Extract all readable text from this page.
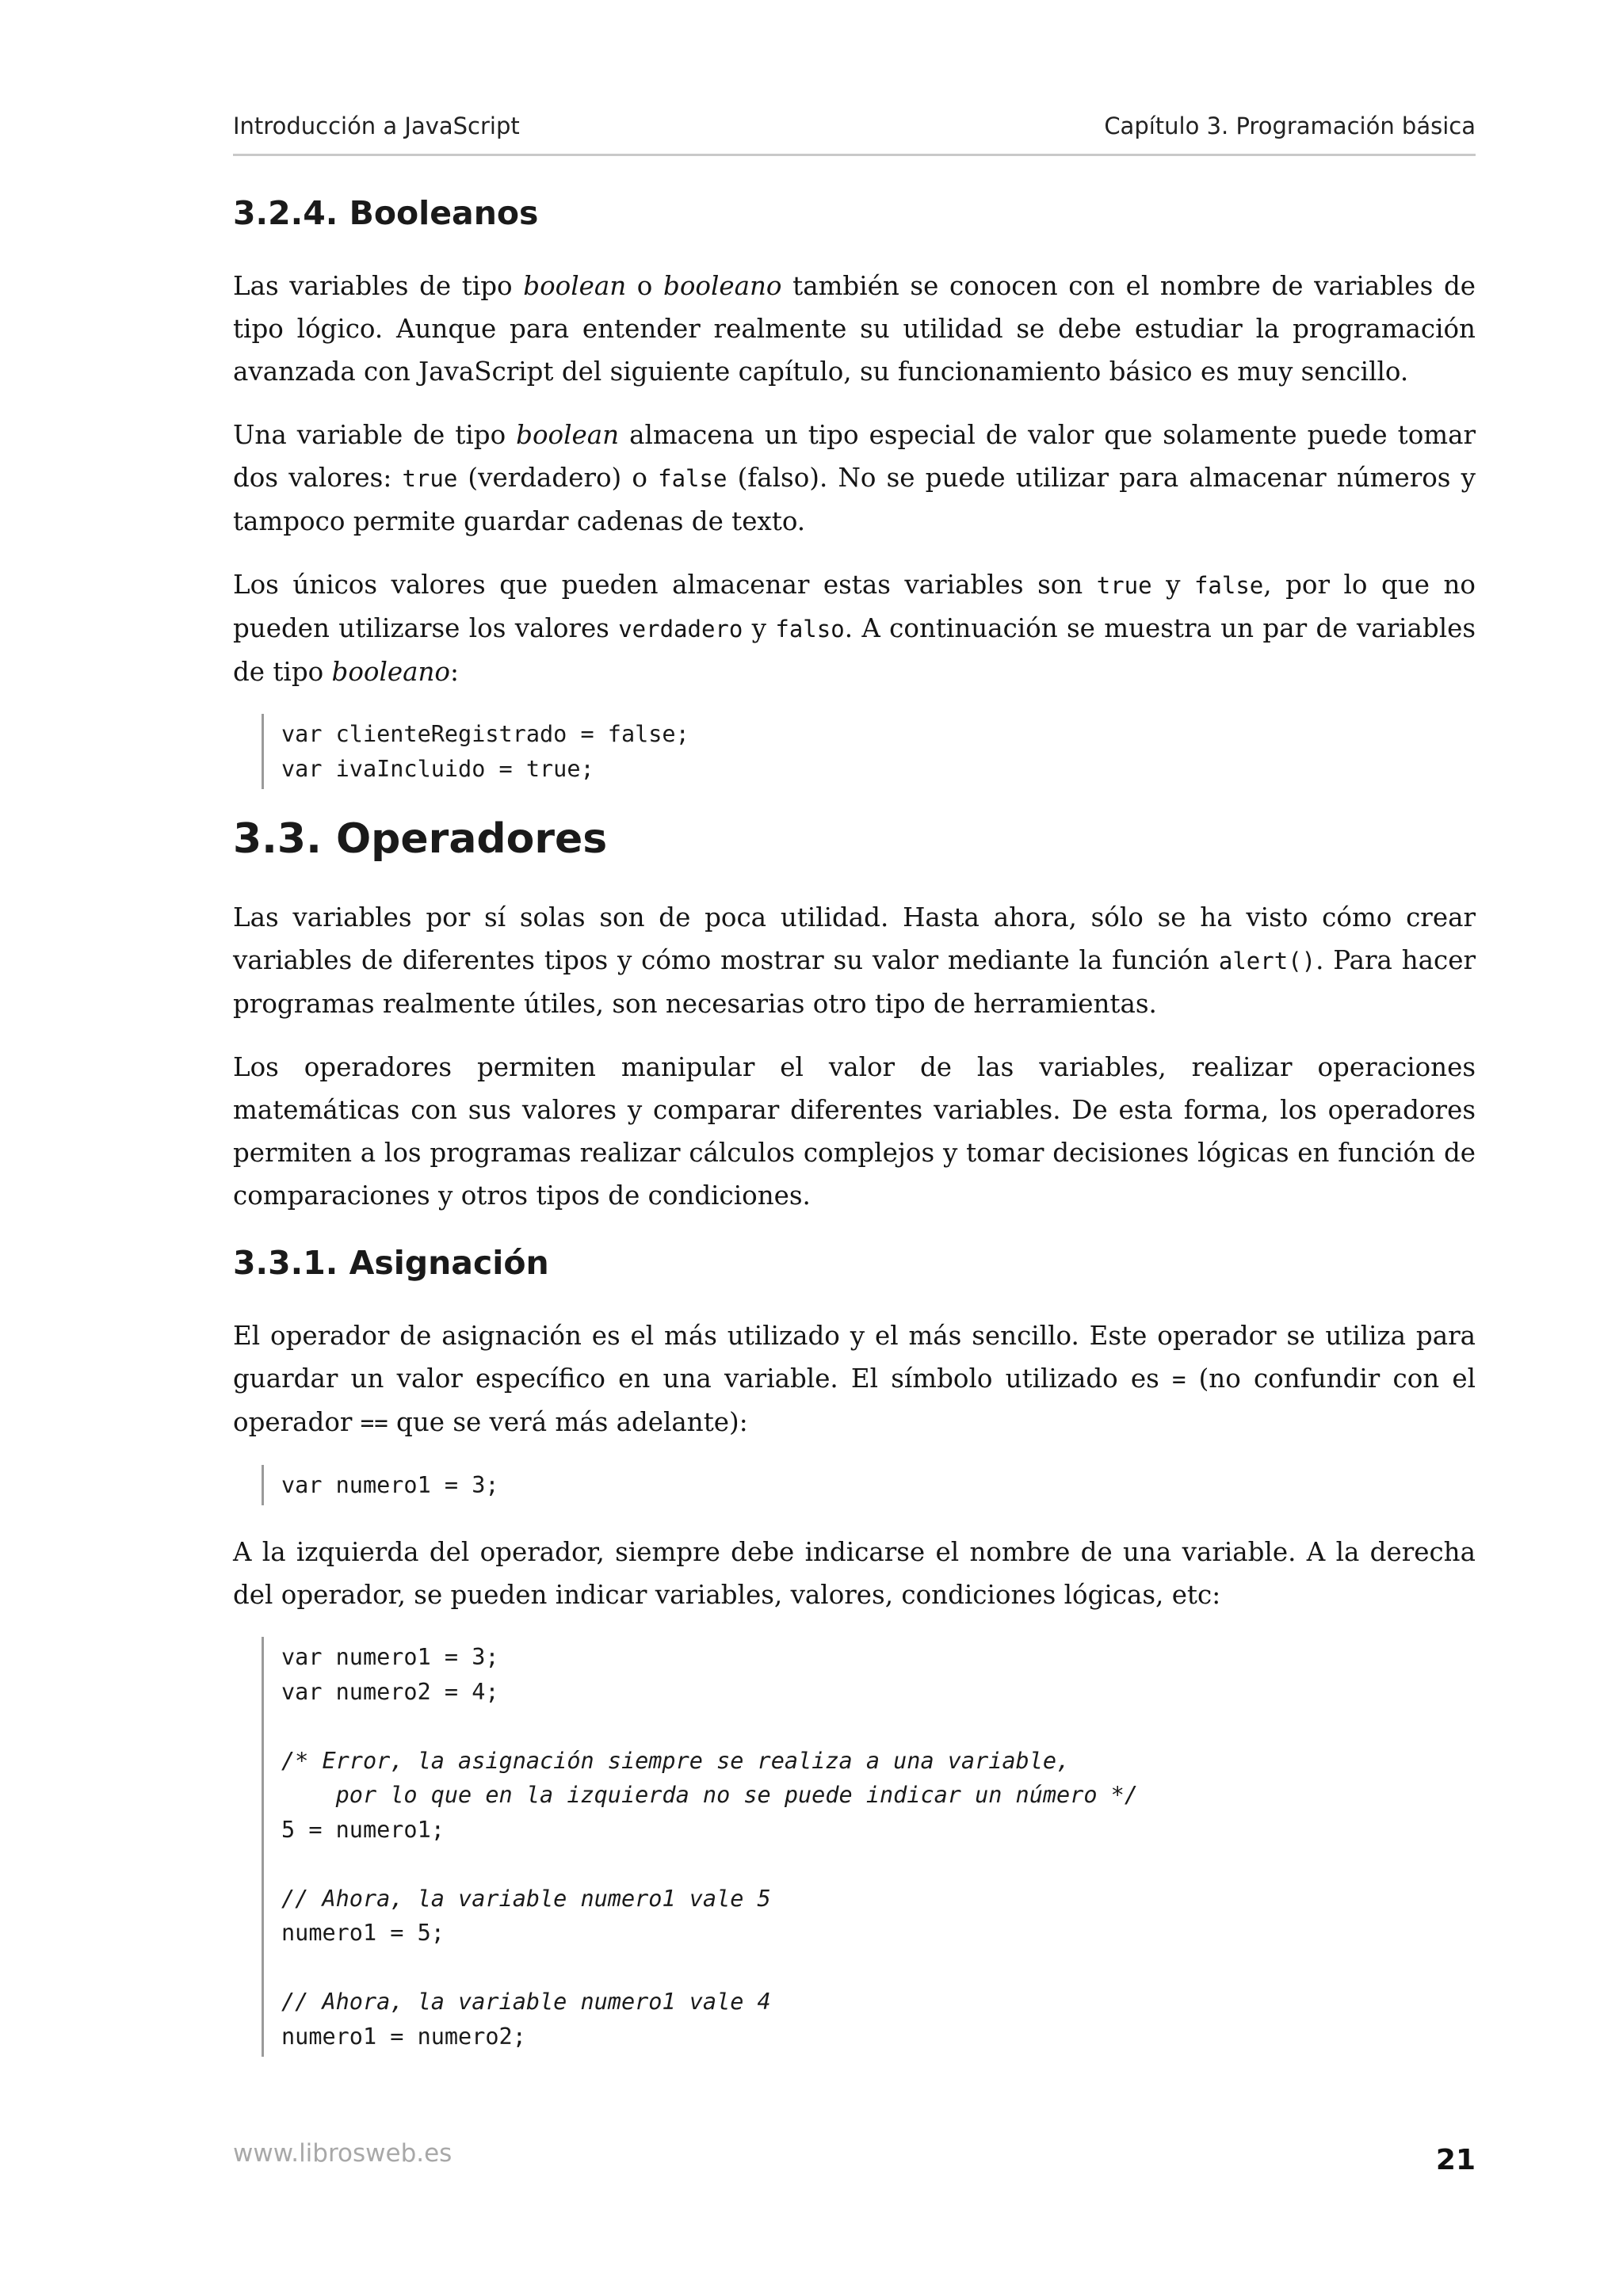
Introducción a JavaScript	Capítulo 3. Programación básica
3.2.4. Booleanos

Las variables de tipo boolean o booleano también se conocen con el nombre de variables de tipo lógico. Aunque para entender realmente su utilidad se debe estudiar la programación avanzada con JavaScript del siguiente capítulo, su funcionamiento básico es muy sencillo.

Una variable de tipo boolean almacena un tipo especial de valor que solamente puede tomar dos valores: true (verdadero) o false (falso). No se puede utilizar para almacenar números y tampoco permite guardar cadenas de texto.

Los únicos valores que pueden almacenar estas variables son true y false, por lo que no pueden utilizarse los valores verdadero y falso. A continuación se muestra un par de variables de tipo booleano:

var clienteRegistrado = false;
var ivaIncluido = true;
3.3. Operadores

Las variables por sí solas son de poca utilidad. Hasta ahora, sólo se ha visto cómo crear variables de diferentes tipos y cómo mostrar su valor mediante la función alert(). Para hacer programas realmente útiles, son necesarias otro tipo de herramientas.

Los operadores permiten manipular el valor de las variables, realizar operaciones matemáticas con sus valores y comparar diferentes variables. De esta forma, los operadores permiten a los programas realizar cálculos complejos y tomar decisiones lógicas en función de comparaciones y otros tipos de condiciones.

3.3.1. Asignación

El operador de asignación es el más utilizado y el más sencillo. Este operador se utiliza para guardar un valor específico en una variable. El símbolo utilizado es = (no confundir con el operador == que se verá más adelante):

var numero1 = 3;

A la izquierda del operador, siempre debe indicarse el nombre de una variable. A la derecha del operador, se pueden indicar variables, valores, condiciones lógicas, etc:

var numero1 = 3;
var numero2 = 4;
/* Error, la asignación siempre se realiza a una variable,
por lo que en la izquierda no se puede indicar un número */
5 = numero1;
// Ahora, la variable numero1 vale 5
numero1 = 5;
// Ahora, la variable numero1 vale 4
numero1 = numero2;
www.librosweb.es	21
